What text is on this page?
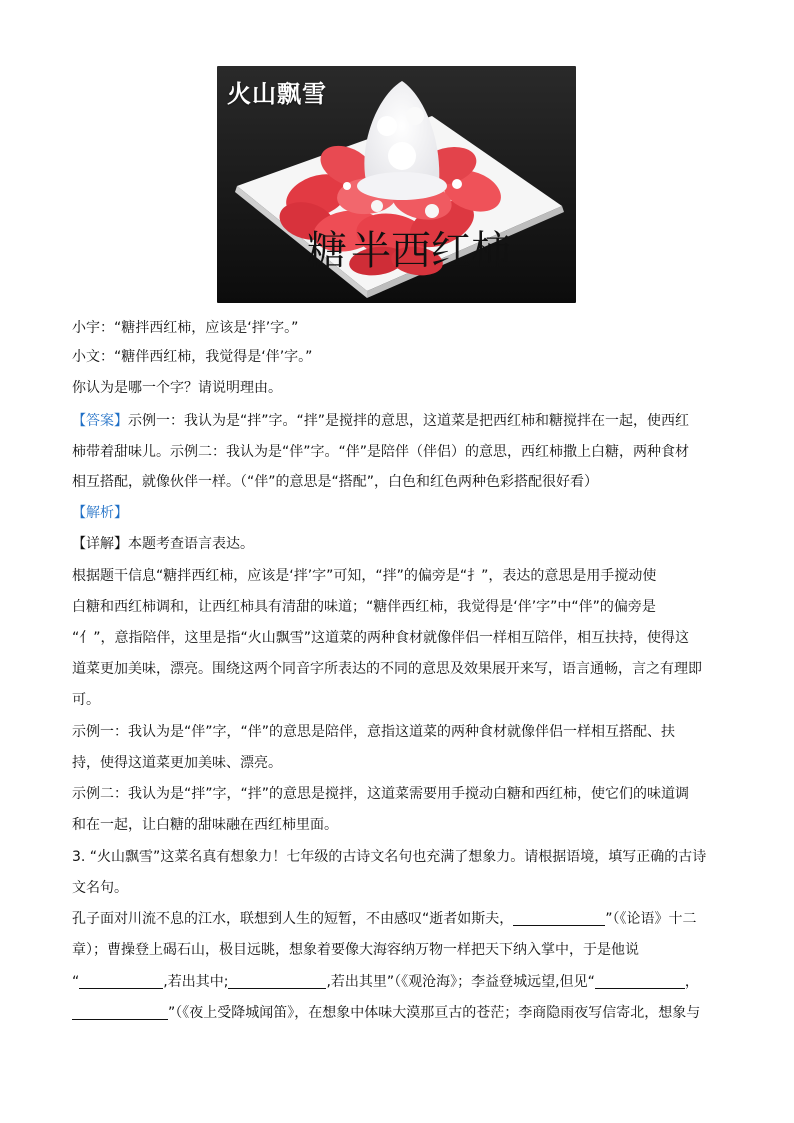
火山飘雪
糖 半西红柿
小宇：“糖拌西红柿，应该是‘拌’字。”
小文：“糖伴西红柿，我觉得是‘伴’字。”
你认为是哪一个字？请说明理由。
【答案】示例一：我认为是“拌”字。“拌”是搅拌的意思，这道菜是把西红柿和糖搅拌在一起，使西红
柿带着甜味儿。示例二：我认为是“伴”字。“伴”是陪伴（伴侣）的意思，西红柿撒上白糖，两种食材
相互搭配，就像伙伴一样。（“伴”的意思是“搭配”，白色和红色两种色彩搭配很好看）
【解析】
【详解】本题考查语言表达。
根据题干信息“糖拌西红柿，应该是‘拌’字”可知，“拌”的偏旁是“扌”，表达的意思是用手搅动使
白糖和西红柿调和，让西红柿具有清甜的味道；“糖伴西红柿，我觉得是‘伴’字”中“伴”的偏旁是
“亻”，意指陪伴，这里是指“火山飘雪”这道菜的两种食材就像伴侣一样相互陪伴，相互扶持，使得这
道菜更加美味，漂亮。围绕这两个同音字所表达的不同的意思及效果展开来写，语言通畅，言之有理即
可。
示例一：我认为是“伴”字，“伴”的意思是陪伴，意指这道菜的两种食材就像伴侣一样相互搭配、扶
持，使得这道菜更加美味、漂亮。
示例二：我认为是“拌”字，“拌”的意思是搅拌，这道菜需要用手搅动白糖和西红柿，使它们的味道调
和在一起，让白糖的甜味融在西红柿里面。
3. “火山飘雪”这菜名真有想象力！七年级的古诗文名句也充满了想象力。请根据语境，填写正确的古诗
文名句。
孔子面对川流不息的江水，联想到人生的短暂，不由感叹“逝者如斯夫，	”（《论语》十二
章）；曹操登上碣石山，极目远眺，想象着要像大海容纳万物一样把天下纳入掌中，于是他说
“	,若出其中;	,若出其里”（《观沧海》；李益登城远望,但见“	，
”（《夜上受降城闻笛》，在想象中体味大漠那亘古的苍茫；李商隐雨夜写信寄北，想象与
